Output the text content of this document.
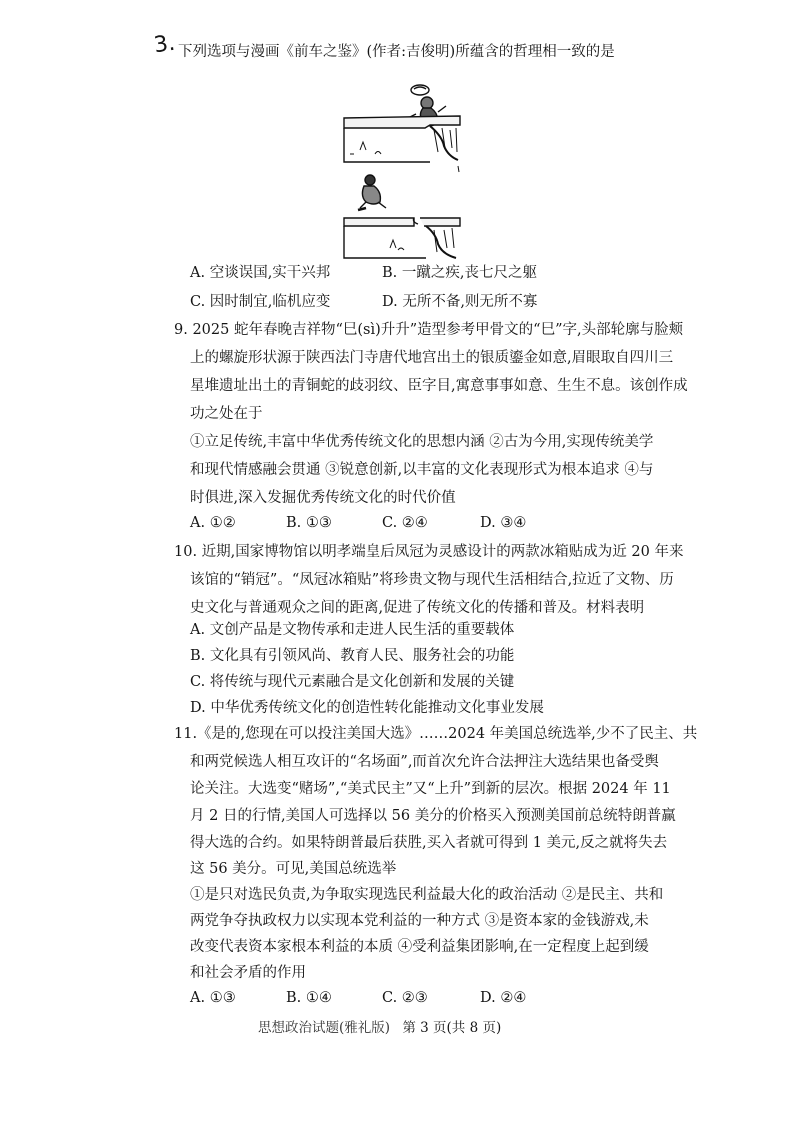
3. 下列选项与漫画《前车之鉴》(作者:吉俊明)所蕴含的哲理相一致的是
A. 空谈误国,实干兴邦	B. 一蹴之疾,丧七尺之躯
C. 因时制宜,临机应变	D. 无所不备,则无所不寡
9. 2025 蛇年春晚吉祥物“巳(sì)升升”造型参考甲骨文的“巳”字,头部轮廓与脸颊
上的螺旋形状源于陕西法门寺唐代地宫出土的银质鎏金如意,眉眼取自四川三
星堆遗址出土的青铜蛇的歧羽纹、臣字目,寓意事事如意、生生不息。该创作成
功之处在于
①立足传统,丰富中华优秀传统文化的思想内涵 ②古为今用,实现传统美学
和现代情感融会贯通 ③锐意创新,以丰富的文化表现形式为根本追求 ④与
时俱进,深入发掘优秀传统文化的时代价值
A. ①②	B. ①③	C. ②④	D. ③④
10. 近期,国家博物馆以明孝端皇后凤冠为灵感设计的两款冰箱贴成为近 20 年来
该馆的“销冠”。“凤冠冰箱贴”将珍贵文物与现代生活相结合,拉近了文物、历
史文化与普通观众之间的距离,促进了传统文化的传播和普及。材料表明
A. 文创产品是文物传承和走进人民生活的重要载体
B. 文化具有引领风尚、教育人民、服务社会的功能
C. 将传统与现代元素融合是文化创新和发展的关键
D. 中华优秀传统文化的创造性转化能推动文化事业发展
11.《是的,您现在可以投注美国大选》……2024 年美国总统选举,少不了民主、共
和两党候选人相互攻讦的“名场面”,而首次允许合法押注大选结果也备受舆
论关注。大选变“赌场”,“美式民主”又“上升”到新的层次。根据 2024 年 11
月 2 日的行情,美国人可选择以 56 美分的价格买入预测美国前总统特朗普赢
得大选的合约。如果特朗普最后获胜,买入者就可得到 1 美元,反之就将失去
这 56 美分。可见,美国总统选举
①是只对选民负责,为争取实现选民利益最大化的政治活动 ②是民主、共和
两党争夺执政权力以实现本党利益的一种方式 ③是资本家的金钱游戏,未
改变代表资本家根本利益的本质 ④受利益集团影响,在一定程度上起到缓
和社会矛盾的作用
A. ①③	B. ①④	C. ②③	D. ②④
思想政治试题(雅礼版) 第 3 页(共 8 页)
